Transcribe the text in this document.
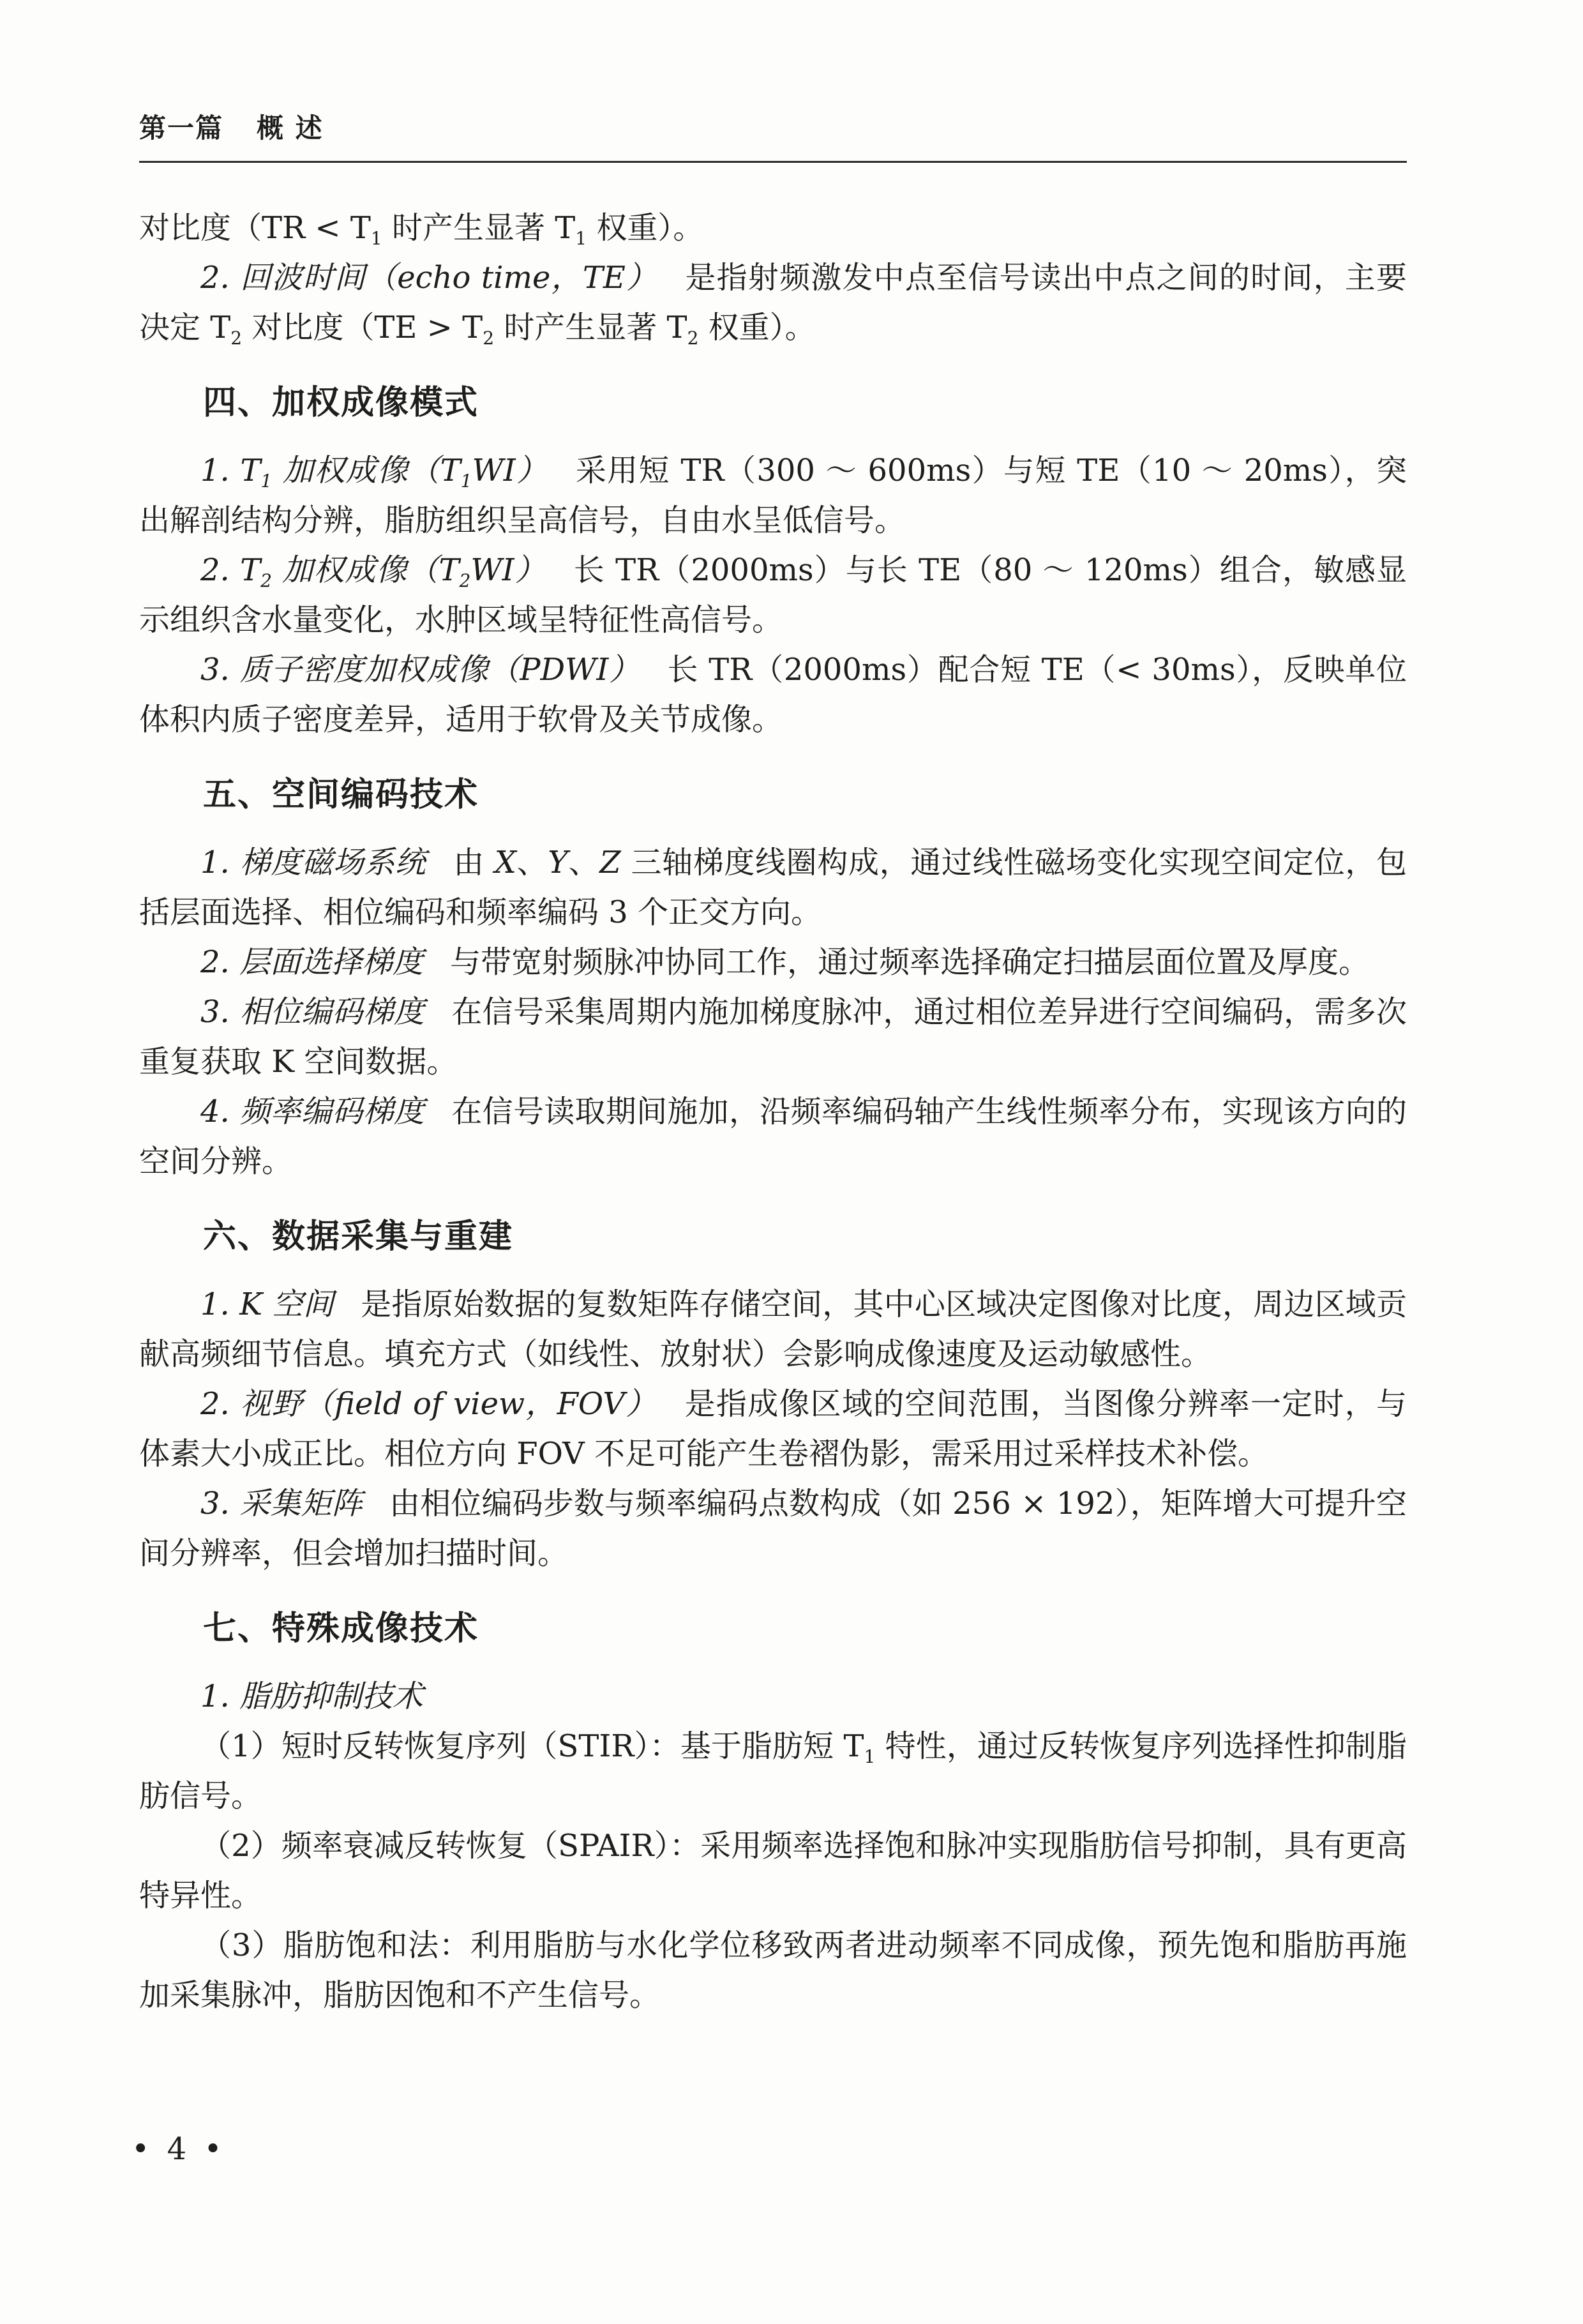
第一篇 概 述

对比度（$TR < T_1$ 时产生显著 $T_1$ 权重）。

2. 回波时间（echo time，TE） 是指射频激发中点至信号读出中点之间的时间，主要决定 $T_2$ 对比度（$TE > T_2$ 时产生显著 $T_2$ 权重）。

四、加权成像模式

1. $T_1$ 加权成像$(T_1WI)$ 采用短 TR（300 ～ 600ms）与短 TE（10 ～ 20ms），突出解剖结构分辨，脂肪组织呈高信号，自由水呈低信号。

2. $T_2$ 加权成像$(T_2WI)$ 长 TR（2000ms）与长 TE（80 ～ 120ms）组合，敏感显示组织含水量变化，水肿区域呈特征性高信号。

3. 质子密度加权成像（PDWI） 长 TR（2000ms）配合短 TE（< 30ms），反映单位体积内质子密度差异，适用于软骨及关节成像。

五、空间编码技术

1. 梯度磁场系统 由 X、Y、Z 三轴梯度线圈构成，通过线性磁场变化实现空间定位，包括层面选择、相位编码和频率编码 3 个正交方向。

2. 层面选择梯度 与带宽射频脉冲协同工作，通过频率选择确定扫描层面位置及厚度。

3. 相位编码梯度 在信号采集周期内施加梯度脉冲，通过相位差异进行空间编码，需多次重复获取 K 空间数据。

4. 频率编码梯度 在信号读取期间施加，沿频率编码轴产生线性频率分布，实现该方向的空间分辨。

六、数据采集与重建

1. K 空间 是指原始数据的复数矩阵存储空间，其中心区域决定图像对比度，周边区域贡献高频细节信息。填充方式（如线性、放射状）会影响成像速度及运动敏感性。

2. 视野（field of view，FOV） 是指成像区域的空间范围，当图像分辨率一定时，与体素大小成正比。相位方向 FOV 不足可能产生卷褶伪影，需采用过采样技术补偿。

3. 采集矩阵 由相位编码步数与频率编码点数构成（如 256 × 192），矩阵增大可提升空间分辨率，但会增加扫描时间。

七、特殊成像技术

1. 脂肪抑制技术

（1）短时反转恢复序列（STIR）：基于脂肪短 $T_1$ 特性，通过反转恢复序列选择性抑制脂肪信号。

（2）频率衰减反转恢复（SPAIR）：采用频率选择饱和脉冲实现脂肪信号抑制，具有更高特异性。

（3）脂肪饱和法：利用脂肪与水化学位移致两者进动频率不同成像，预先饱和脂肪再施加采集脉冲，脂肪因饱和不产生信号。

• 4 •
